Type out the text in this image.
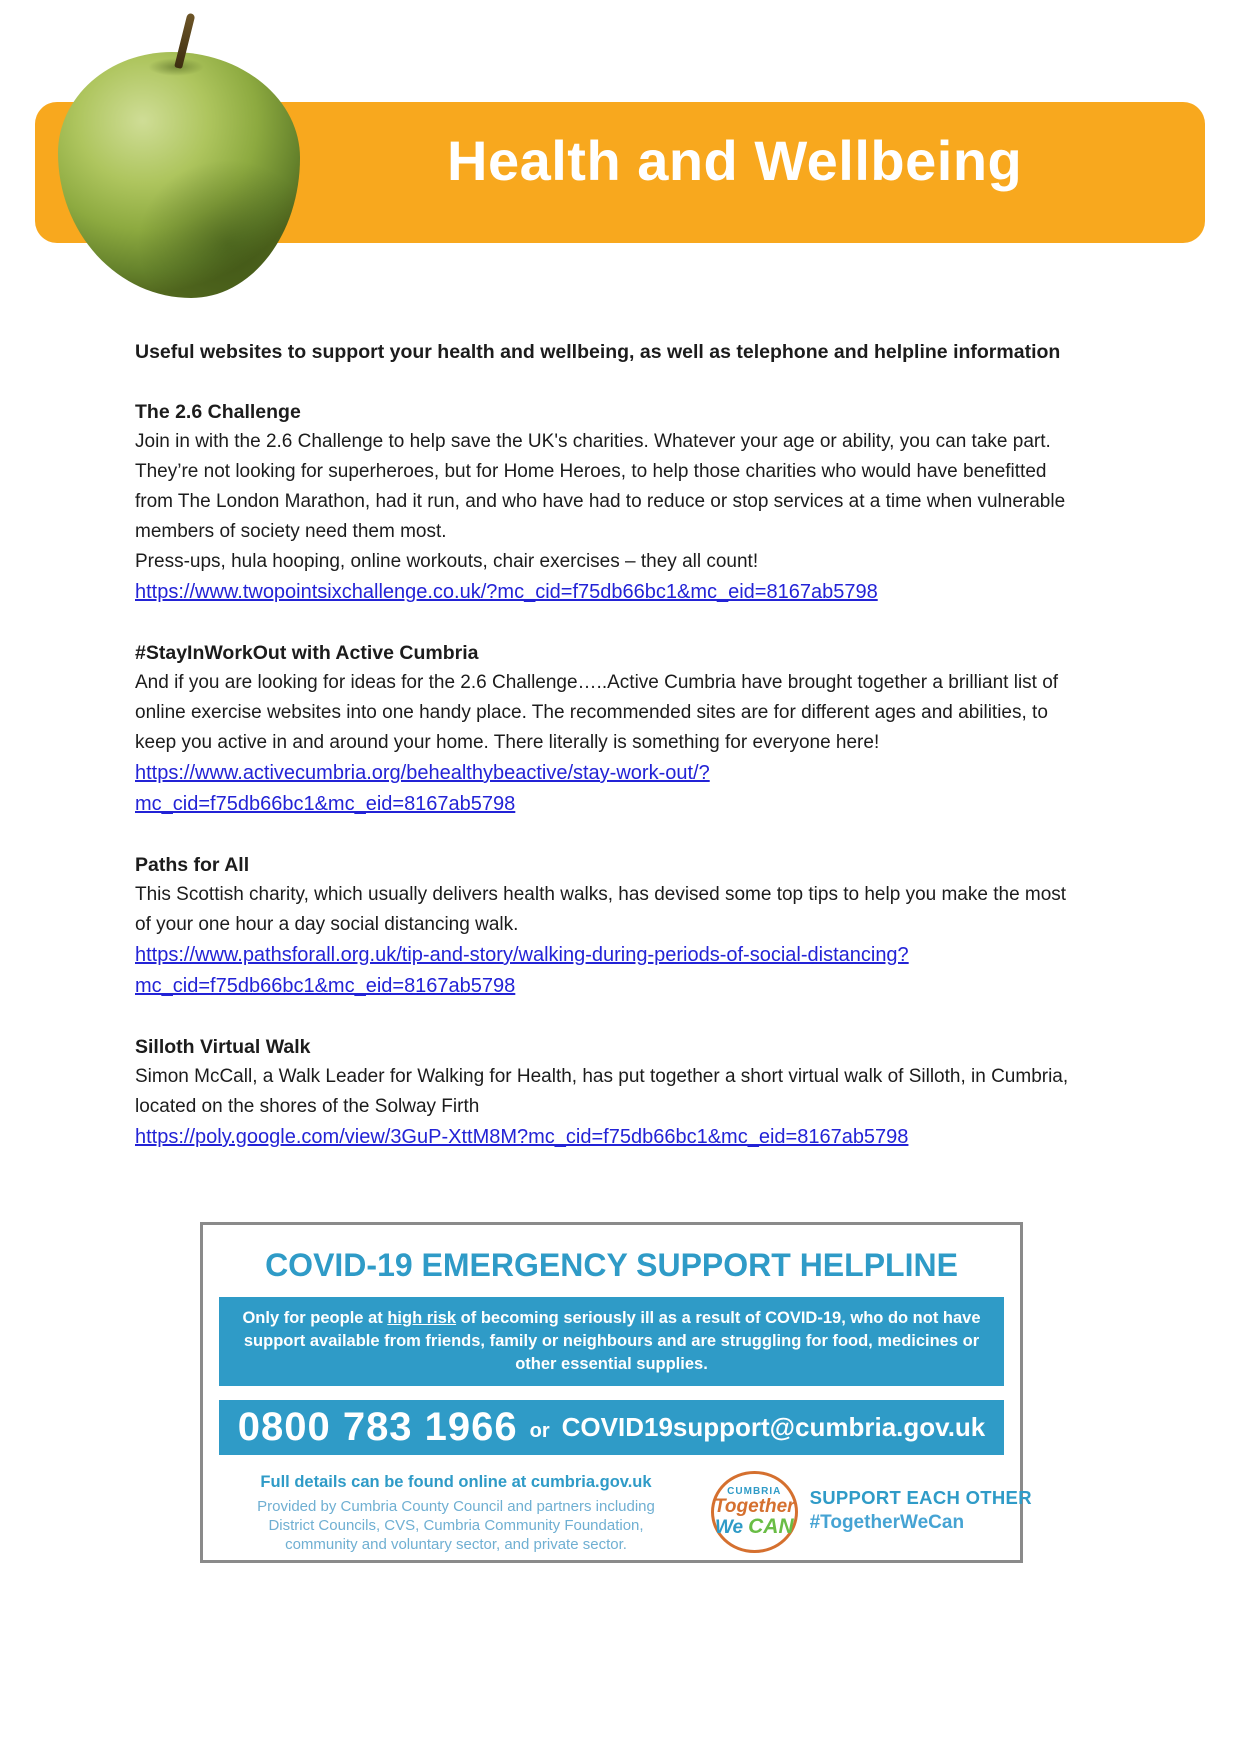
Health and Wellbeing

Useful websites to support your health and wellbeing, as well as telephone and helpline information

The 2.6 Challenge

Join in with the 2.6 Challenge to help save the UK's charities. Whatever your age or ability, you can take part. They’re not looking for superheroes, but for Home Heroes, to help those charities who would have benefitted from The London Marathon, had it run, and who have had to reduce or stop services at a time when vulnerable members of society need them most.

Press-ups, hula hooping, online workouts, chair exercises – they all count!

https://www.twopointsixchallenge.co.uk/?mc_cid=f75db66bc1&mc_eid=8167ab5798

#StayInWorkOut with Active Cumbria

And if you are looking for ideas for the 2.6 Challenge…..Active Cumbria have brought together a brilliant list of online exercise websites into one handy place. The recommended sites are for different ages and abilities, to keep you active in and around your home. There literally is something for everyone here!

https://www.activecumbria.org/behealthybeactive/stay-work-out/?mc_cid=f75db66bc1&mc_eid=8167ab5798

Paths for All

This Scottish charity, which usually delivers health walks, has devised some top tips to help you make the most of your one hour a day social distancing walk.

https://www.pathsforall.org.uk/tip-and-story/walking-during-periods-of-social-distancing?mc_cid=f75db66bc1&mc_eid=8167ab5798

Silloth Virtual Walk

Simon McCall, a Walk Leader for Walking for Health, has put together a short virtual walk of Silloth, in Cumbria, located on the shores of the Solway Firth

https://poly.google.com/view/3GuP-XttM8M?mc_cid=f75db66bc1&mc_eid=8167ab5798

COVID-19 EMERGENCY SUPPORT HELPLINE
Only for people at high risk of becoming seriously ill as a result of COVID-19, who do not have support available from friends, family or neighbours and are struggling for food, medicines or other essential supplies.
0800 783 1966 or COVID19support@cumbria.gov.uk
Full details can be found online at cumbria.gov.uk
Provided by Cumbria County Council and partners including District Councils, CVS, Cumbria Community Foundation, community and voluntary sector, and private sector.
CUMBRIA
Together
We CAN
SUPPORT EACH OTHER
#TogetherWeCan
